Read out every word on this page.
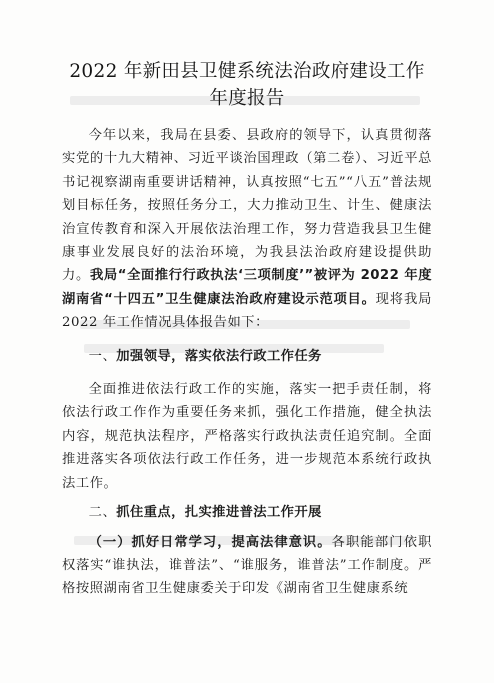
2022 年新田县卫健系统法治政府建设工作
年度报告

今年以来，我局在县委、县政府的领导下，认真贯彻落实党的十九大精神、习近平谈治国理政（第二卷）、习近平总书记视察湖南重要讲话精神，认真按照“七五”“八五”普法规划目标任务，按照任务分工，大力推动卫生、计生、健康法治宣传教育和深入开展依法治理工作，努力营造我县卫生健康事业发展良好的法治环境，为我县法治政府建设提供助力。我局“全面推行行政执法‘三项制度’”被评为 2022 年度湖南省“十四五”卫生健康法治政府建设示范项目。现将我局 2022 年工作情况具体报告如下：

一、加强领导，落实依法行政工作任务

全面推进依法行政工作的实施，落实一把手责任制，将依法行政工作作为重要任务来抓，强化工作措施，健全执法内容，规范执法程序，严格落实行政执法责任追究制。全面推进落实各项依法行政工作任务，进一步规范本系统行政执法工作。

二、抓住重点，扎实推进普法工作开展

（一）抓好日常学习，提高法律意识。各职能部门依职权落实“谁执法，谁普法”、“谁服务，谁普法”工作制度。严格按照湖南省卫生健康委关于印发《湖南省卫生健康系统
